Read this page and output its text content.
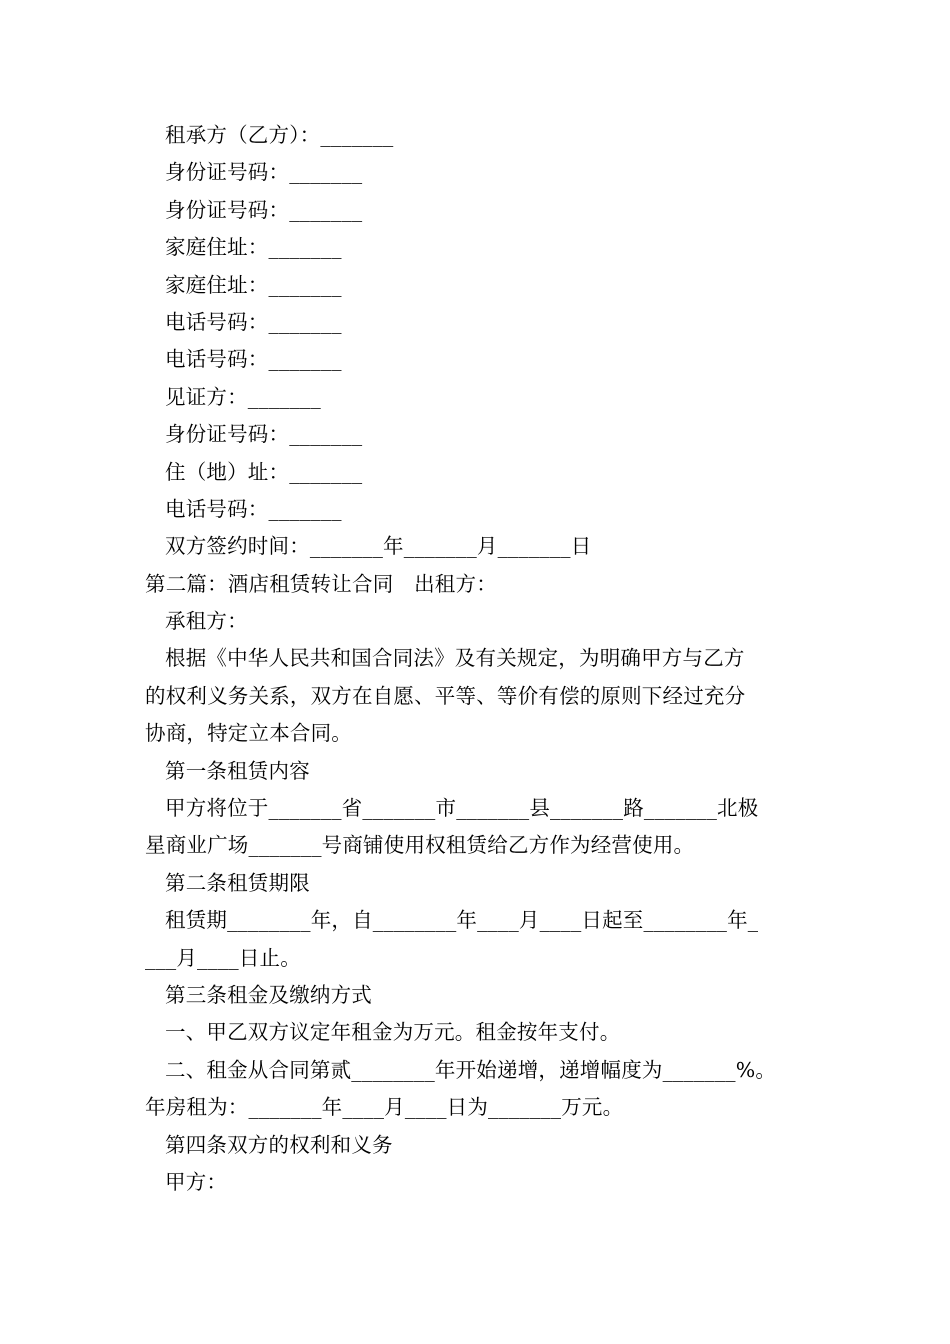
租承方（乙方）：_______
身份证号码：_______
身份证号码：_______
家庭住址：_______
家庭住址：_______
电话号码：_______
电话号码：_______
见证方：_______
身份证号码：_______
住（地）址：_______
电话号码：_______
双方签约时间：_______年_______月_______日
第二篇：酒店租赁转让合同　出租方：
承租方：
根据《中华人民共和国合同法》及有关规定，为明确甲方与乙方
的权利义务关系，双方在自愿、平等、等价有偿的原则下经过充分
协商，特定立本合同。
第一条租赁内容
甲方将位于_______省_______市_______县_______路_______北极
星商业广场_______号商铺使用权租赁给乙方作为经营使用。
第二条租赁期限
租赁期________年，自________年____月____日起至________年_
___月____日止。
第三条租金及缴纳方式
一、甲乙双方议定年租金为万元。租金按年支付。
二、租金从合同第贰________年开始递增，递增幅度为_______%。
年房租为：_______年____月____日为_______万元。
第四条双方的权利和义务
甲方：
